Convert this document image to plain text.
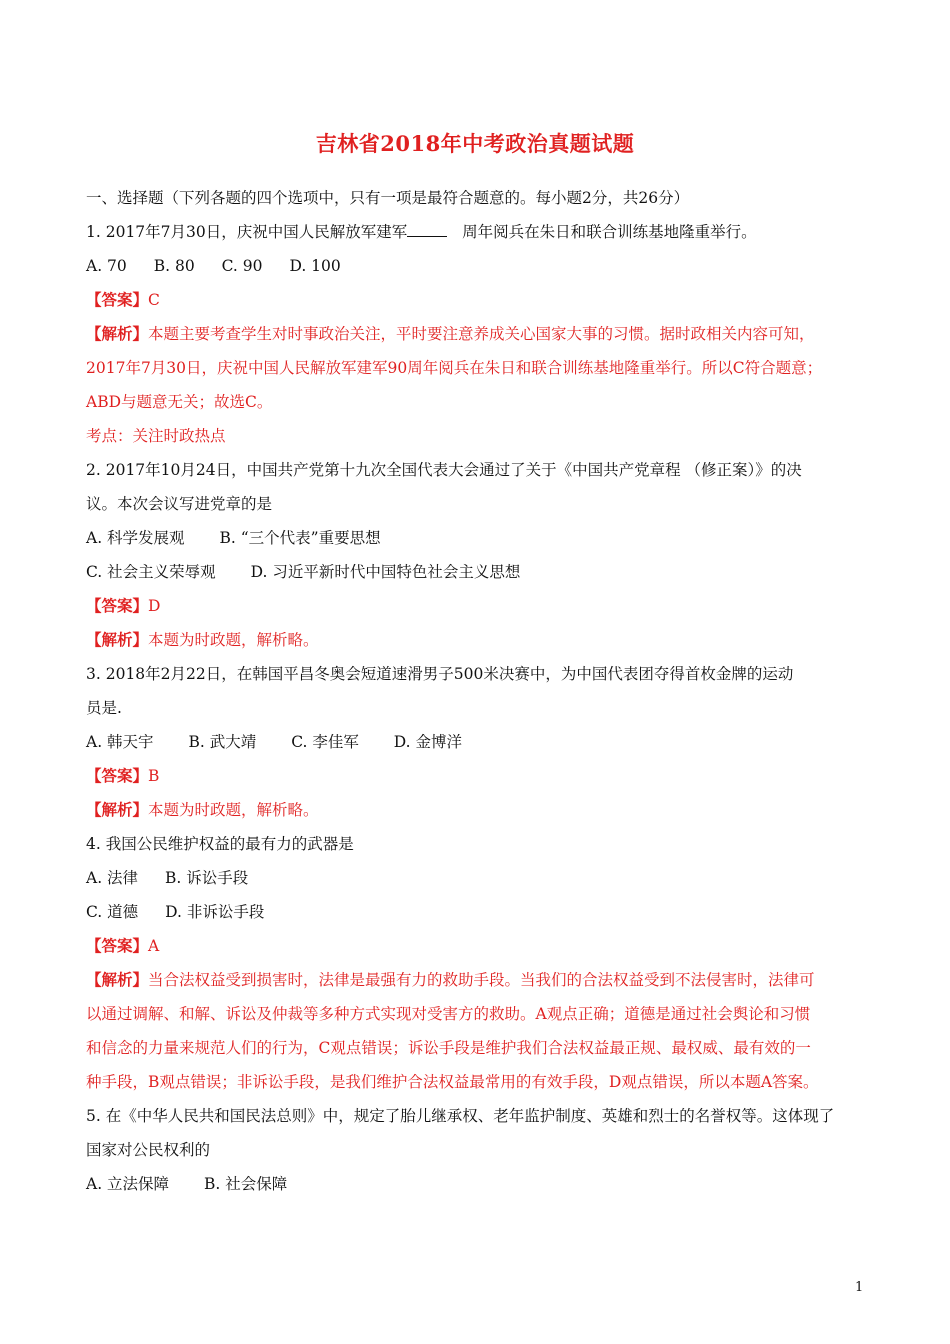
吉林省2018年中考政治真题试题
一、选择题（下列各题的四个选项中，只有一项是最符合题意的。每小题2分，共26分）
1. 2017年7月30日，庆祝中国人民解放军建军	周年阅兵在朱日和联合训练基地隆重举行。
A. 70 B. 80 C. 90 D. 100
【答案】C
【解析】本题主要考查学生对时事政治关注，平时要注意养成关心国家大事的习惯。据时政相关内容可知，
2017年7月30日，庆祝中国人民解放军建军90周年阅兵在朱日和联合训练基地隆重举行。所以C符合题意；
ABD与题意无关；故选C。
考点：关注时政热点
2. 2017年10月24日，中国共产党第十九次全国代表大会通过了关于《中国共产党章程 （修正案）》的决
议。本次会议写进党章的是
A. 科学发展观 B. “三个代表”重要思想
C. 社会主义荣辱观 D. 习近平新时代中国特色社会主义思想
【答案】D
【解析】本题为时政题，解析略。
3. 2018年2月22日，在韩国平昌冬奥会短道速滑男子500米决赛中，为中国代表团夺得首枚金牌的运动
员是.
A. 韩天宇 B. 武大靖 C. 李佳军 D. 金博洋
【答案】B
【解析】本题为时政题，解析略。
4. 我国公民维护权益的最有力的武器是
A. 法律 B. 诉讼手段
C. 道德 D. 非诉讼手段
【答案】A
【解析】当合法权益受到损害时，法律是最强有力的救助手段。当我们的合法权益受到不法侵害时，法律可
以通过调解、和解、诉讼及仲裁等多种方式实现对受害方的救助。A观点正确；道德是通过社会舆论和习惯
和信念的力量来规范人们的行为，C观点错误；诉讼手段是维护我们合法权益最正规、最权威、最有效的一
种手段，B观点错误；非诉讼手段，是我们维护合法权益最常用的有效手段，D观点错误，所以本题A答案。
5. 在《中华人民共和国民法总则》中，规定了胎儿继承权、老年监护制度、英雄和烈士的名誉权等。这体现了
国家对公民权利的
A. 立法保障 B. 社会保障
1
